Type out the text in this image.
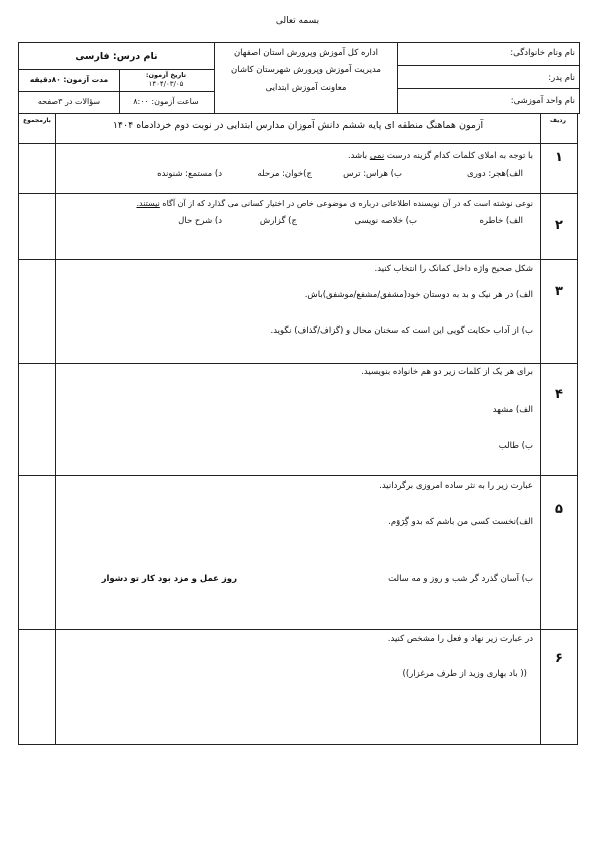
بسمه تعالی
نام ونام خانوادگی:
نام پدر:
نام واحد آموزشی:
اداره کل آموزش وپرورش استان اصفهان
مدیریت آموزش وپرورش شهرستان کاشان
معاونت آموزش ابتدایی
نام درس: فارسی
تاریخ آزمون:
۱۴۰۴/۰۳/۰۵
مدت آزمون: ۸۰دقیقه
ساعت آزمون: ۸:۰۰
سؤالات در ۳صفحه
ردیف
آزمون هماهنگ منطقه ای پایه ششم دانش آموزان مدارس ابتدایی در نوبت دوم خردادماه ۱۴۰۴
بارمجموع
۱
با توجه به املای کلمات کدام گزینه درست نمی باشد.
الف)هجر: دوری
ب) هراس: ترس
ج)خوان: مرحله
د) مستمع: شنونده
۲
نوعی نوشته است که در آن نویسنده اطلاعاتی درباره ی موضوعی خاص در اختیار کسانی می گذارد که از آن آگاه نیستند.
الف) خاطره
ب) خلاصه نویسی
ج) گزارش
د) شرح حال
۳
شکل صحیح واژه داخل کمانک را انتخاب کنید.
الف) در هر نیک و بد به دوستان خود(مشفق/مشفع/موشفق)باش.
ب) از آداب حکایت گویی این است که سخنان محال و (گزاف/گذاف) نگوید.
۴
برای هر یک از کلمات زیر دو هم خانواده بنویسید.
الف) مشهد
ب) طالب
۵
عبارت زیر را به نثر ساده امروزی برگردانید.
الف)نخست کسی من باشم که بدو گِرَوَم.
ب) آسان گذرد گر شب و روز و مه سالت
روز عمل و مزد بود کار تو دشوار
۶
در عبارت زیر نهاد و فعل را مشخص کنید.
(( باد بهاری وزید از طرف مرغزار))
